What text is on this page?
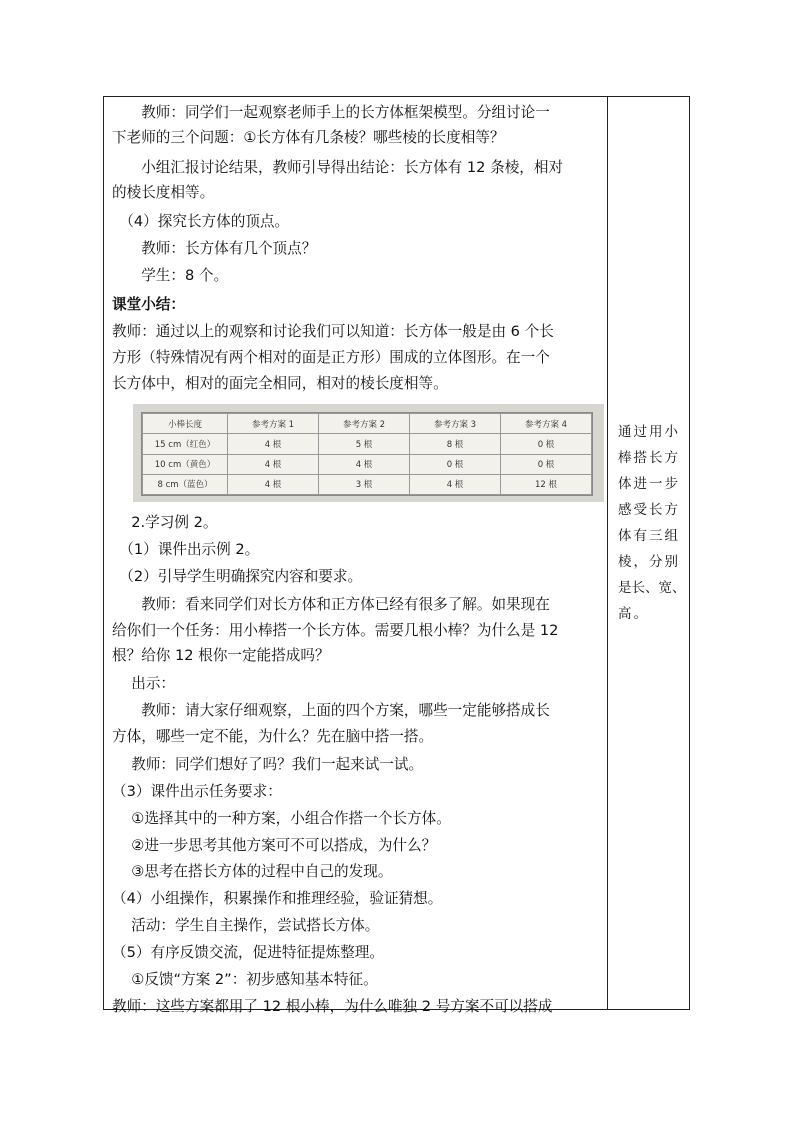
　　教师：同学们一起观察老师手上的长方体框架模型。分组讨论一
下老师的三个问题：①长方体有几条棱？哪些棱的长度相等？
　　小组汇报讨论结果，教师引导得出结论：长方体有 12 条棱，相对
的棱长度相等。
　（4）探究长方体的顶点。
　　教师：长方体有几个顶点？
　　学生：8 个。
课堂小结：
教师：通过以上的观察和讨论我们可以知道：长方体一般是由 6 个长
方形（特殊情况有两个相对的面是正方形）围成的立体图形。在一个
长方体中，相对的面完全相同，相对的棱长度相等。
　 2.学习例 2。
　（1）课件出示例 2。
　（2）引导学生明确探究内容和要求。
　　教师：看来同学们对长方体和正方体已经有很多了解。如果现在
给你们一个任务：用小棒搭一个长方体。需要几根小棒？为什么是 12
根？给你 12 根你一定能搭成吗？
　 出示：
　　教师：请大家仔细观察，上面的四个方案，哪些一定能够搭成长
方体，哪些一定不能，为什么？先在脑中搭一搭。
　 教师：同学们想好了吗？我们一起来试一试。
（3）课件出示任务要求：
　 ①选择其中的一种方案，小组合作搭一个长方体。
　 ②进一步思考其他方案可不可以搭成，为什么？
　 ③思考在搭长方体的过程中自己的发现。
（4）小组操作，积累操作和推理经验，验证猜想。
　 活动：学生自主操作，尝试搭长方体。
（5）有序反馈交流，促进特征提炼整理。
　 ①反馈“方案 2”：初步感知基本特征。
教师：这些方案都用了 12 根小棒，为什么唯独 2 号方案不可以搭成
小棒长度	参考方案 1	参考方案 2	参考方案 3	参考方案 4
15 cm（红色）	4 根	5 根	8 根	0 根
10 cm（黄色）	4 根	4 根	0 根	0 根
8 cm（蓝色）	4 根	3 根	4 根	12 根
通过用小
棒搭长方
体进一步
感受长方
体有三组
棱，分别
是长、宽、
高。
